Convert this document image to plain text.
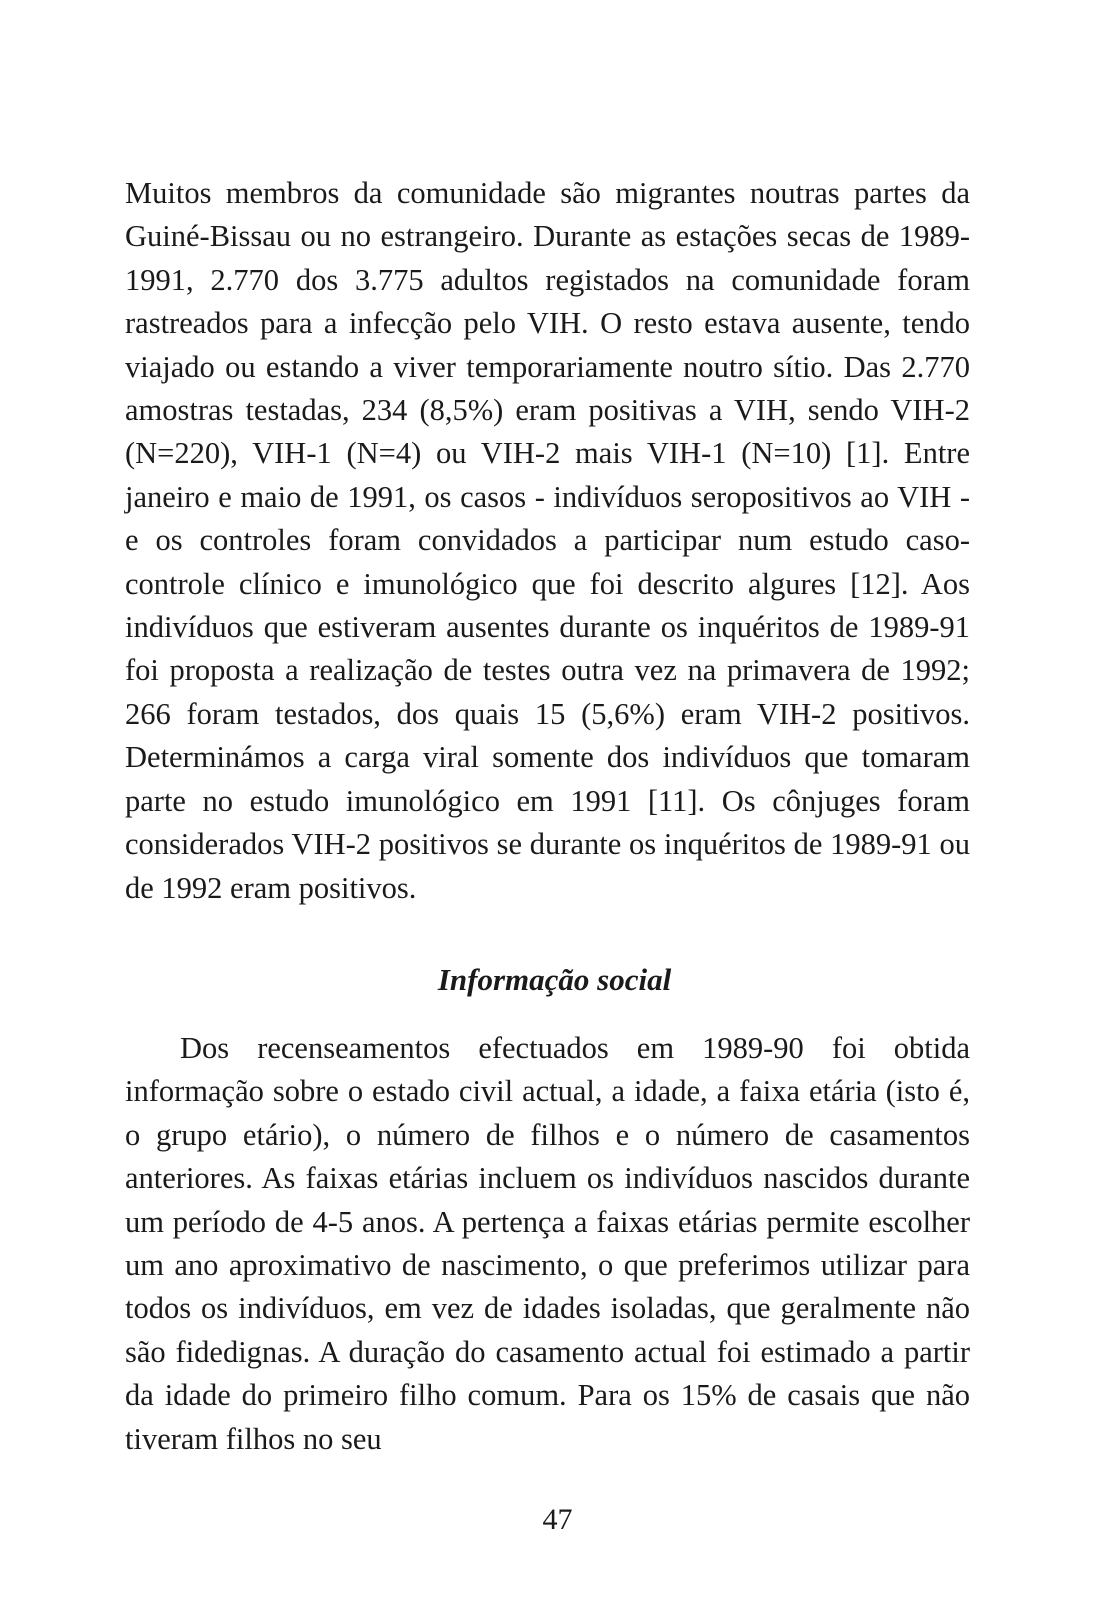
Muitos membros da comunidade são migrantes noutras partes da Guiné-Bissau ou no estrangeiro. Durante as estações secas de 1989-1991, 2.770 dos 3.775 adultos registados na comunidade foram rastreados para a infecção pelo VIH. O resto estava ausente, tendo viajado ou estando a viver temporariamente noutro sítio. Das 2.770 amostras testadas, 234 (8,5%) eram positivas a VIH, sendo VIH-2 (N=220), VIH-1 (N=4) ou VIH-2 mais VIH-1 (N=10) [1]. Entre janeiro e maio de 1991, os casos - indivíduos seropositivos ao VIH - e os controles foram convidados a participar num estudo caso-controle clínico e imunológico que foi descrito algures [12]. Aos indivíduos que estiveram ausentes durante os inquéritos de 1989-91 foi proposta a realização de testes outra vez na primavera de 1992; 266 foram testados, dos quais 15 (5,6%) eram VIH-2 positivos. Determinámos a carga viral somente dos indivíduos que tomaram parte no estudo imunológico em 1991 [11]. Os cônjuges foram considerados VIH-2 positivos se durante os inquéritos de 1989-91 ou de 1992 eram positivos.

Informação social

Dos recenseamentos efectuados em 1989-90 foi obtida informação sobre o estado civil actual, a idade, a faixa etária (isto é, o grupo etário), o número de filhos e o número de casamentos anteriores. As faixas etárias incluem os indivíduos nascidos durante um período de 4-5 anos. A pertença a faixas etárias permite escolher um ano aproximativo de nascimento, o que preferimos utilizar para todos os indivíduos, em vez de idades isoladas, que geralmente não são fidedignas. A duração do casamento actual foi estimado a partir da idade do primeiro filho comum. Para os 15% de casais que não tiveram filhos no seu

47
